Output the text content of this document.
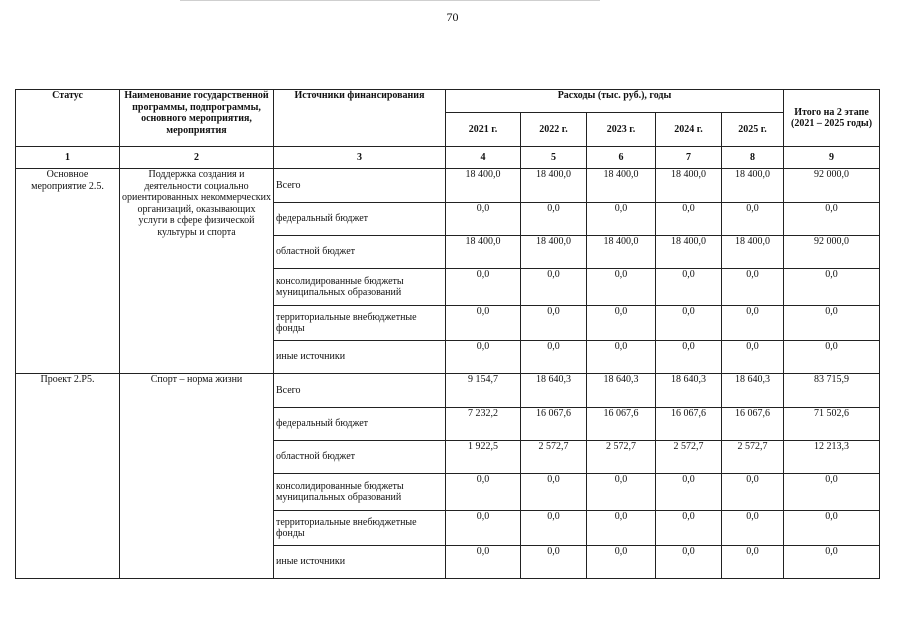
70
Статус	Наименование государственной программы, подпрограммы, основного мероприятия, мероприятия	Источники финансирования	Расходы (тыс. руб.), годы					Итого на 2 этапе (2021 – 2025 годы)
			2021 г.	2022 г.	2023 г.	2024 г.	2025 г.	
1	2	3	4	5	6	7	8	9
Основное мероприятие 2.5.	Поддержка создания и деятельности социально ориентированных некоммерческих организаций, оказывающих услуги в сфере физической культуры и спорта	Всего	18 400,0	18 400,0	18 400,0	18 400,0	18 400,0	92 000,0
		федеральный бюджет	0,0	0,0	0,0	0,0	0,0	0,0
		областной бюджет	18 400,0	18 400,0	18 400,0	18 400,0	18 400,0	92 000,0
		консолидированные бюджеты муниципальных образований	0,0	0,0	0,0	0,0	0,0	0,0
		территориальные внебюджетные фонды	0,0	0,0	0,0	0,0	0,0	0,0
		иные источники	0,0	0,0	0,0	0,0	0,0	0,0
Проект 2.Р5.	Спорт – норма жизни	Всего	9 154,7	18 640,3	18 640,3	18 640,3	18 640,3	83 715,9
		федеральный бюджет	7 232,2	16 067,6	16 067,6	16 067,6	16 067,6	71 502,6
		областной бюджет	1 922,5	2 572,7	2 572,7	2 572,7	2 572,7	12 213,3
		консолидированные бюджеты муниципальных образований	0,0	0,0	0,0	0,0	0,0	0,0
		территориальные внебюджетные фонды	0,0	0,0	0,0	0,0	0,0	0,0
		иные источники	0,0	0,0	0,0	0,0	0,0	0,0
